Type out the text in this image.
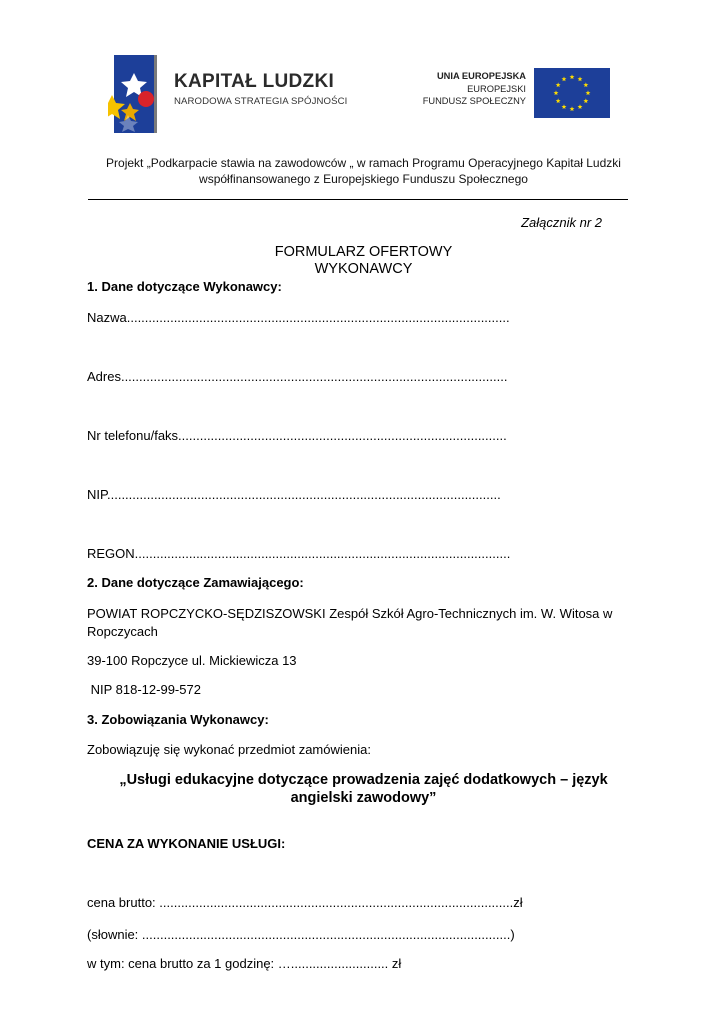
KAPITAŁ LUDZKI
NARODOWA STRATEGIA SPÓJNOŚCI
UNIA EUROPEJSKA
EUROPEJSKI
FUNDUSZ SPOŁECZNY
Projekt „Podkarpacie stawia na zawodowców „ w ramach Programu Operacyjnego Kapitał Ludzki
współfinansowanego z Europejskiego Funduszu Społecznego
Załącznik nr 2
FORMULARZ OFERTOWY
WYKONAWCY
1. Dane dotyczące Wykonawcy:
Nazwa..........................................................................................................
Adres...........................................................................................................
Nr telefonu/faks...........................................................................................
NIP.............................................................................................................
REGON........................................................................................................
2. Dane dotyczące Zamawiającego:
POWIAT ROPCZYCKO-SĘDZISZOWSKI Zespół Szkół Agro-Technicznych im. W. Witosa w
Ropczycach
39-100 Ropczyce ul. Mickiewicza 13
NIP 818-12-99-572
3. Zobowiązania Wykonawcy:
Zobowiązuję się wykonać przedmiot zamówienia:
„Usługi edukacyjne dotyczące prowadzenia zajęć dodatkowych – język
angielski zawodowy”
CENA ZA WYKONANIE USŁUGI:
cena brutto: ..................................................................................................zł
(słownie: ......................................................................................................)
w tym: cena brutto za 1 godzinę: …........................... zł
